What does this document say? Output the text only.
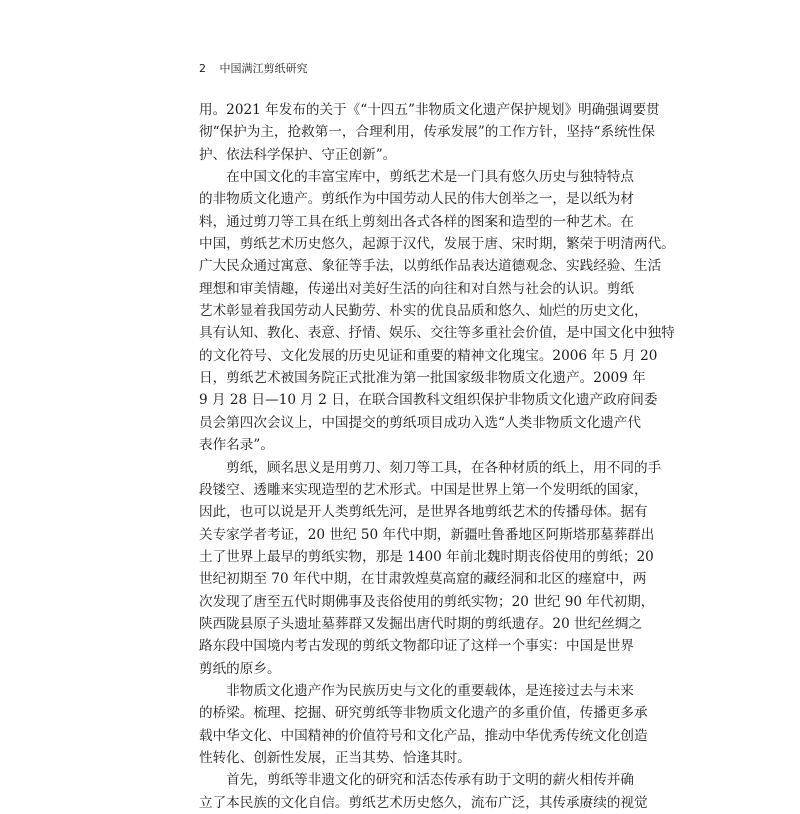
2 中国满江剪纸研究
用。2021 年发布的关于《“十四五”非物质文化遗产保护规划》明确强调要贯
彻“保护为主，抢救第一，合理利用，传承发展”的工作方针，坚持“系统性保
护、依法科学保护、守正创新”。
　　在中国文化的丰富宝库中，剪纸艺术是一门具有悠久历史与独特特点
的非物质文化遗产。剪纸作为中国劳动人民的伟大创举之一，是以纸为材
料，通过剪刀等工具在纸上剪刻出各式各样的图案和造型的一种艺术。在
中国，剪纸艺术历史悠久，起源于汉代，发展于唐、宋时期，繁荣于明清两代。
广大民众通过寓意、象征等手法，以剪纸作品表达道德观念、实践经验、生活
理想和审美情趣，传递出对美好生活的向往和对自然与社会的认识。剪纸
艺术彰显着我国劳动人民勤劳、朴实的优良品质和悠久、灿烂的历史文化，
具有认知、教化、表意、抒情、娱乐、交往等多重社会价值，是中国文化中独特
的文化符号、文化发展的历史见证和重要的精神文化瑰宝。2006 年 5 月 20
日，剪纸艺术被国务院正式批准为第一批国家级非物质文化遗产。2009 年
9 月 28 日—10 月 2 日，在联合国教科文组织保护非物质文化遗产政府间委
员会第四次会议上，中国提交的剪纸项目成功入选“人类非物质文化遗产代
表作名录”。
　　剪纸，顾名思义是用剪刀、刻刀等工具，在各种材质的纸上，用不同的手
段镂空、透雕来实现造型的艺术形式。中国是世界上第一个发明纸的国家，
因此，也可以说是开人类剪纸先河，是世界各地剪纸艺术的传播母体。据有
关专家学者考证，20 世纪 50 年代中期，新疆吐鲁番地区阿斯塔那墓葬群出
土了世界上最早的剪纸实物，那是 1400 年前北魏时期丧俗使用的剪纸；20
世纪初期至 70 年代中期，在甘肃敦煌莫高窟的藏经洞和北区的瘗窟中，两
次发现了唐至五代时期佛事及丧俗使用的剪纸实物；20 世纪 90 年代初期，
陕西陇县原子头遗址墓葬群又发掘出唐代时期的剪纸遗存。20 世纪丝绸之
路东段中国境内考古发现的剪纸文物都印证了这样一个事实：中国是世界
剪纸的原乡。
　　非物质文化遗产作为民族历史与文化的重要载体，是连接过去与未来
的桥梁。梳理、挖掘、研究剪纸等非物质文化遗产的多重价值，传播更多承
载中华文化、中国精神的价值符号和文化产品，推动中华优秀传统文化创造
性转化、创新性发展，正当其势、恰逢其时。
　　首先，剪纸等非遗文化的研究和活态传承有助于文明的薪火相传并确
立了本民族的文化自信。剪纸艺术历史悠久，流布广泛，其传承赓续的视觉
